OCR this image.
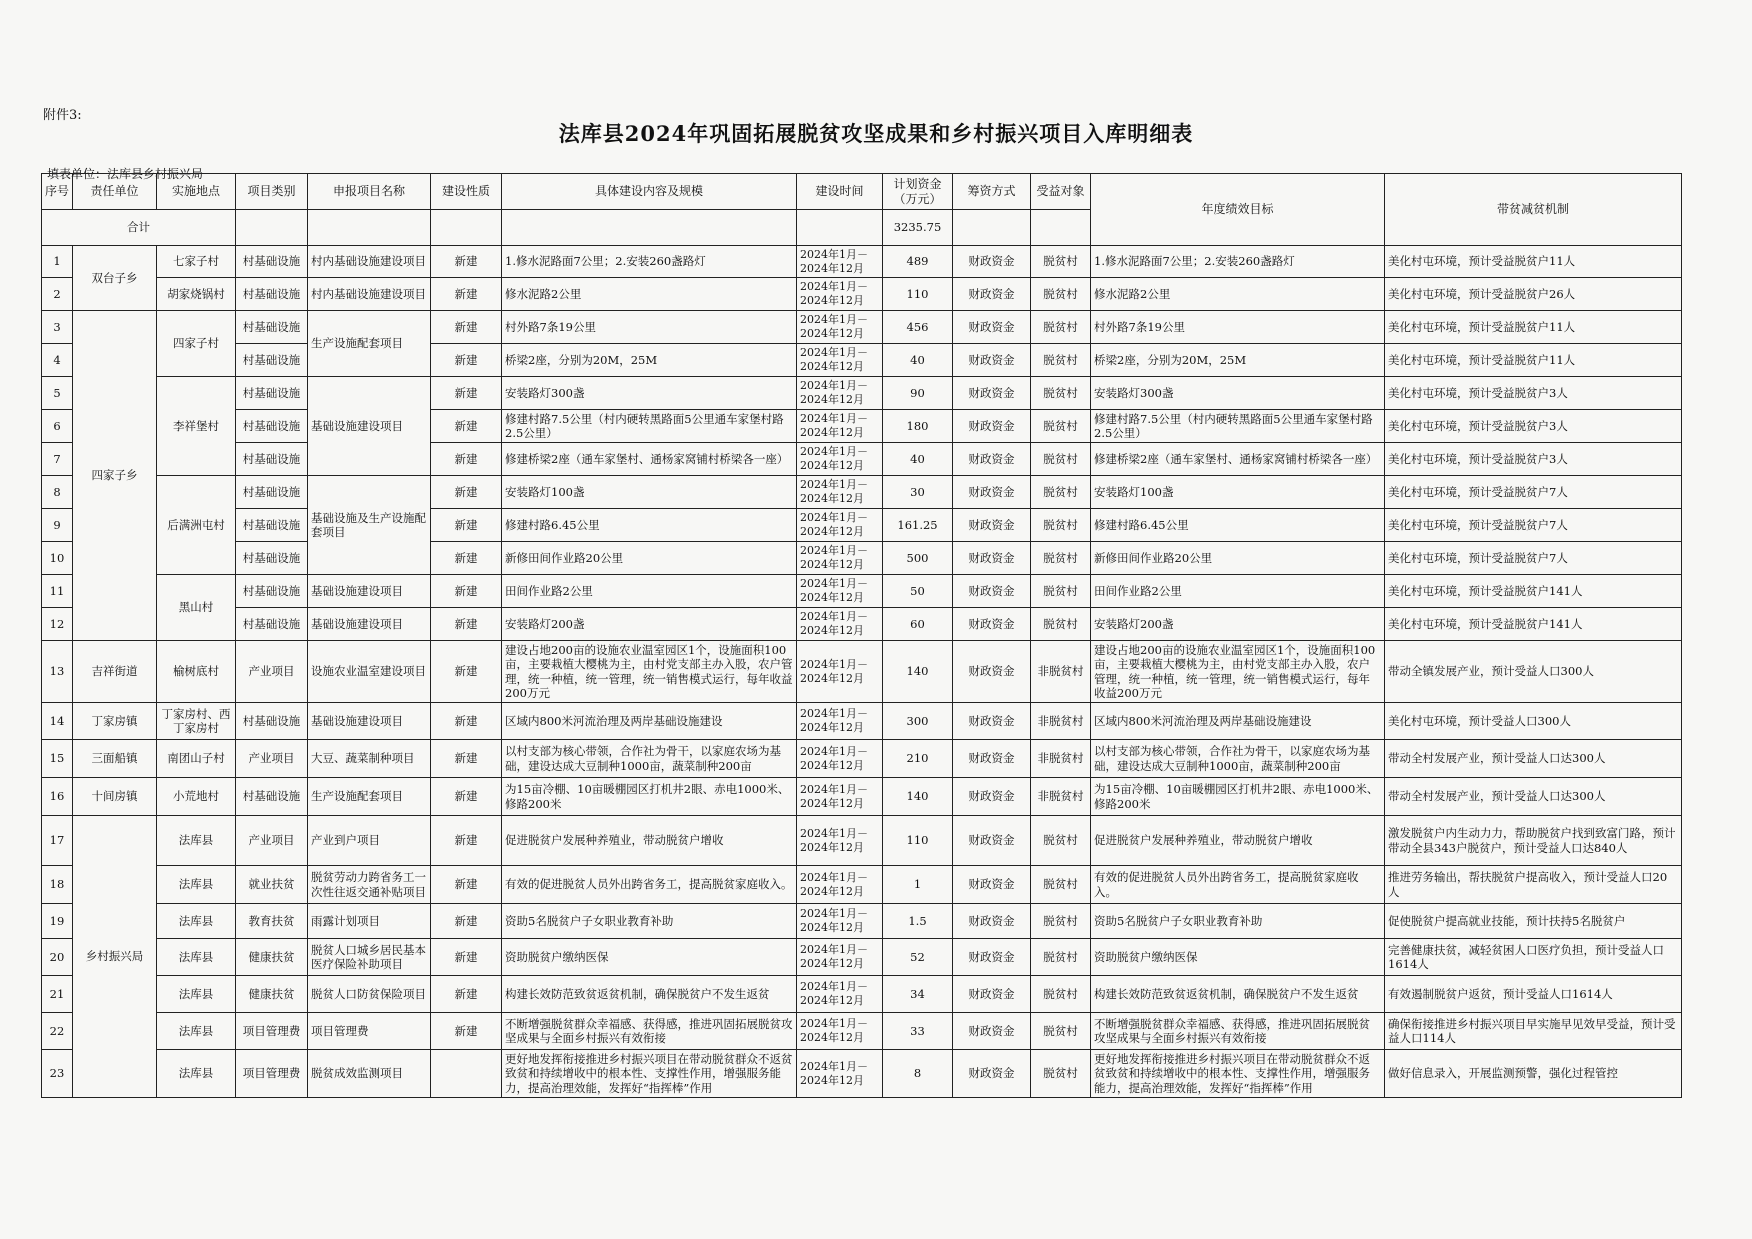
附件3:
法库县2024年巩固拓展脱贫攻坚成果和乡村振兴项目入库明细表
填表单位：法库县乡村振兴局
序号	责任单位	实施地点	项目类别	申报项目名称	建设性质	具体建设内容及规模	建设时间	计划资金（万元）	筹资方式	受益对象	年度绩效目标	带贫减贫机制
合计								3235.75				
1	双台子乡	七家子村	村基础设施	村内基础设施建设项目	新建	1.修水泥路面7公里；2.安装260盏路灯	2024年1月－
2024年12月	489	财政资金	脱贫村	1.修水泥路面7公里；2.安装260盏路灯	美化村屯环境，预计受益脱贫户11人
2		胡家烧锅村	村基础设施	村内基础设施建设项目	新建	修水泥路2公里	2024年1月－
2024年12月	110	财政资金	脱贫村	修水泥路2公里	美化村屯环境，预计受益脱贫户26人
3	四家子乡	四家子村	村基础设施	生产设施配套项目	新建	村外路7条19公里	2024年1月－
2024年12月	456	财政资金	脱贫村	村外路7条19公里	美化村屯环境，预计受益脱贫户11人
4			村基础设施		新建	桥梁2座，分别为20M，25M	2024年1月－
2024年12月	40	财政资金	脱贫村	桥梁2座，分别为20M，25M	美化村屯环境，预计受益脱贫户11人
5		李祥堡村	村基础设施	基础设施建设项目	新建	安装路灯300盏	2024年1月－
2024年12月	90	财政资金	脱贫村	安装路灯300盏	美化村屯环境，预计受益脱贫户3人
6			村基础设施		新建	修建村路7.5公里（村内硬转黑路面5公里通车家堡村路2.5公里）	2024年1月－
2024年12月	180	财政资金	脱贫村	修建村路7.5公里（村内硬转黑路面5公里通车家堡村路2.5公里）	美化村屯环境，预计受益脱贫户3人
7			村基础设施		新建	修建桥梁2座（通车家堡村、通杨家窝铺村桥梁各一座）	2024年1月－
2024年12月	40	财政资金	脱贫村	修建桥梁2座（通车家堡村、通杨家窝铺村桥梁各一座）	美化村屯环境，预计受益脱贫户3人
8		后满洲屯村	村基础设施	基础设施及生产设施配套项目	新建	安装路灯100盏	2024年1月－
2024年12月	30	财政资金	脱贫村	安装路灯100盏	美化村屯环境，预计受益脱贫户7人
9			村基础设施		新建	修建村路6.45公里	2024年1月－
2024年12月	161.25	财政资金	脱贫村	修建村路6.45公里	美化村屯环境，预计受益脱贫户7人
10			村基础设施		新建	新修田间作业路20公里	2024年1月－
2024年12月	500	财政资金	脱贫村	新修田间作业路20公里	美化村屯环境，预计受益脱贫户7人
11		黑山村	村基础设施	基础设施建设项目	新建	田间作业路2公里	2024年1月－
2024年12月	50	财政资金	脱贫村	田间作业路2公里	美化村屯环境，预计受益脱贫户141人
12			村基础设施	基础设施建设项目	新建	安装路灯200盏	2024年1月－
2024年12月	60	财政资金	脱贫村	安装路灯200盏	美化村屯环境，预计受益脱贫户141人
13	吉祥街道	榆树底村	产业项目	设施农业温室建设项目	新建	建设占地200亩的设施农业温室园区1个，设施面积100亩，主要栽植大樱桃为主，由村党支部主办入股，农户管理，统一种植，统一管理，统一销售模式运行，每年收益200万元	2024年1月－
2024年12月	140	财政资金	非脱贫村	建设占地200亩的设施农业温室园区1个，设施面积100亩，主要栽植大樱桃为主，由村党支部主办入股，农户管理，统一种植，统一管理，统一销售模式运行，每年收益200万元	带动全镇发展产业，预计受益人口300人
14	丁家房镇	丁家房村、西丁家房村	村基础设施	基础设施建设项目	新建	区域内800米河流治理及两岸基础设施建设	2024年1月－
2024年12月	300	财政资金	非脱贫村	区域内800米河流治理及两岸基础设施建设	美化村屯环境，预计受益人口300人
15	三面船镇	南团山子村	产业项目	大豆、蔬菜制种项目	新建	以村支部为核心带领，合作社为骨干，以家庭农场为基础，建设达成大豆制种1000亩，蔬菜制种200亩	2024年1月－
2024年12月	210	财政资金	非脱贫村	以村支部为核心带领，合作社为骨干，以家庭农场为基础，建设达成大豆制种1000亩，蔬菜制种200亩	带动全村发展产业，预计受益人口达300人
16	十间房镇	小荒地村	村基础设施	生产设施配套项目	新建	为15亩冷棚、10亩暖棚园区打机井2眼、赤电1000米、修路200米	2024年1月－
2024年12月	140	财政资金	非脱贫村	为15亩冷棚、10亩暖棚园区打机井2眼、赤电1000米、修路200米	带动全村发展产业，预计受益人口达300人
17	乡村振兴局	法库县	产业项目	产业到户项目	新建	促进脱贫户发展种养殖业，带动脱贫户增收	2024年1月－
2024年12月	110	财政资金	脱贫村	促进脱贫户发展种养殖业，带动脱贫户增收	激发脱贫户内生动力力，帮助脱贫户找到致富门路，预计带动全县343户脱贫户，预计受益人口达840人
18		法库县	就业扶贫	脱贫劳动力跨省务工一次性往返交通补贴项目	新建	有效的促进脱贫人员外出跨省务工，提高脱贫家庭收入。	2024年1月－
2024年12月	1	财政资金	脱贫村	有效的促进脱贫人员外出跨省务工，提高脱贫家庭收入。	推进劳务输出，帮扶脱贫户提高收入，预计受益人口20人
19		法库县	教育扶贫	雨露计划项目	新建	资助5名脱贫户子女职业教育补助	2024年1月－
2024年12月	1.5	财政资金	脱贫村	资助5名脱贫户子女职业教育补助	促使脱贫户提高就业技能，预计扶持5名脱贫户
20		法库县	健康扶贫	脱贫人口城乡居民基本医疗保险补助项目	新建	资助脱贫户缴纳医保	2024年1月－
2024年12月	52	财政资金	脱贫村	资助脱贫户缴纳医保	完善健康扶贫，减轻贫困人口医疗负担，预计受益人口1614人
21		法库县	健康扶贫	脱贫人口防贫保险项目	新建	构建长效防范致贫返贫机制，确保脱贫户不发生返贫	2024年1月－
2024年12月	34	财政资金	脱贫村	构建长效防范致贫返贫机制，确保脱贫户不发生返贫	有效遏制脱贫户返贫，预计受益人口1614人
22		法库县	项目管理费	项目管理费	新建	不断增强脱贫群众幸福感、获得感，推进巩固拓展脱贫攻坚成果与全面乡村振兴有效衔接	2024年1月－
2024年12月	33	财政资金	脱贫村	不断增强脱贫群众幸福感、获得感，推进巩固拓展脱贫攻坚成果与全面乡村振兴有效衔接	确保衔接推进乡村振兴项目早实施早见效早受益，预计受益人口114人
23		法库县	项目管理费	脱贫成效监测项目		更好地发挥衔接推进乡村振兴项目在带动脱贫群众不返贫致贫和持续增收中的根本性、支撑性作用，增强服务能力，提高治理效能，发挥好“指挥棒”作用	2024年1月－
2024年12月	8	财政资金	脱贫村	更好地发挥衔接推进乡村振兴项目在带动脱贫群众不返贫致贫和持续增收中的根本性、支撑性作用，增强服务能力，提高治理效能，发挥好“指挥棒”作用	做好信息录入，开展监测预警，强化过程管控
